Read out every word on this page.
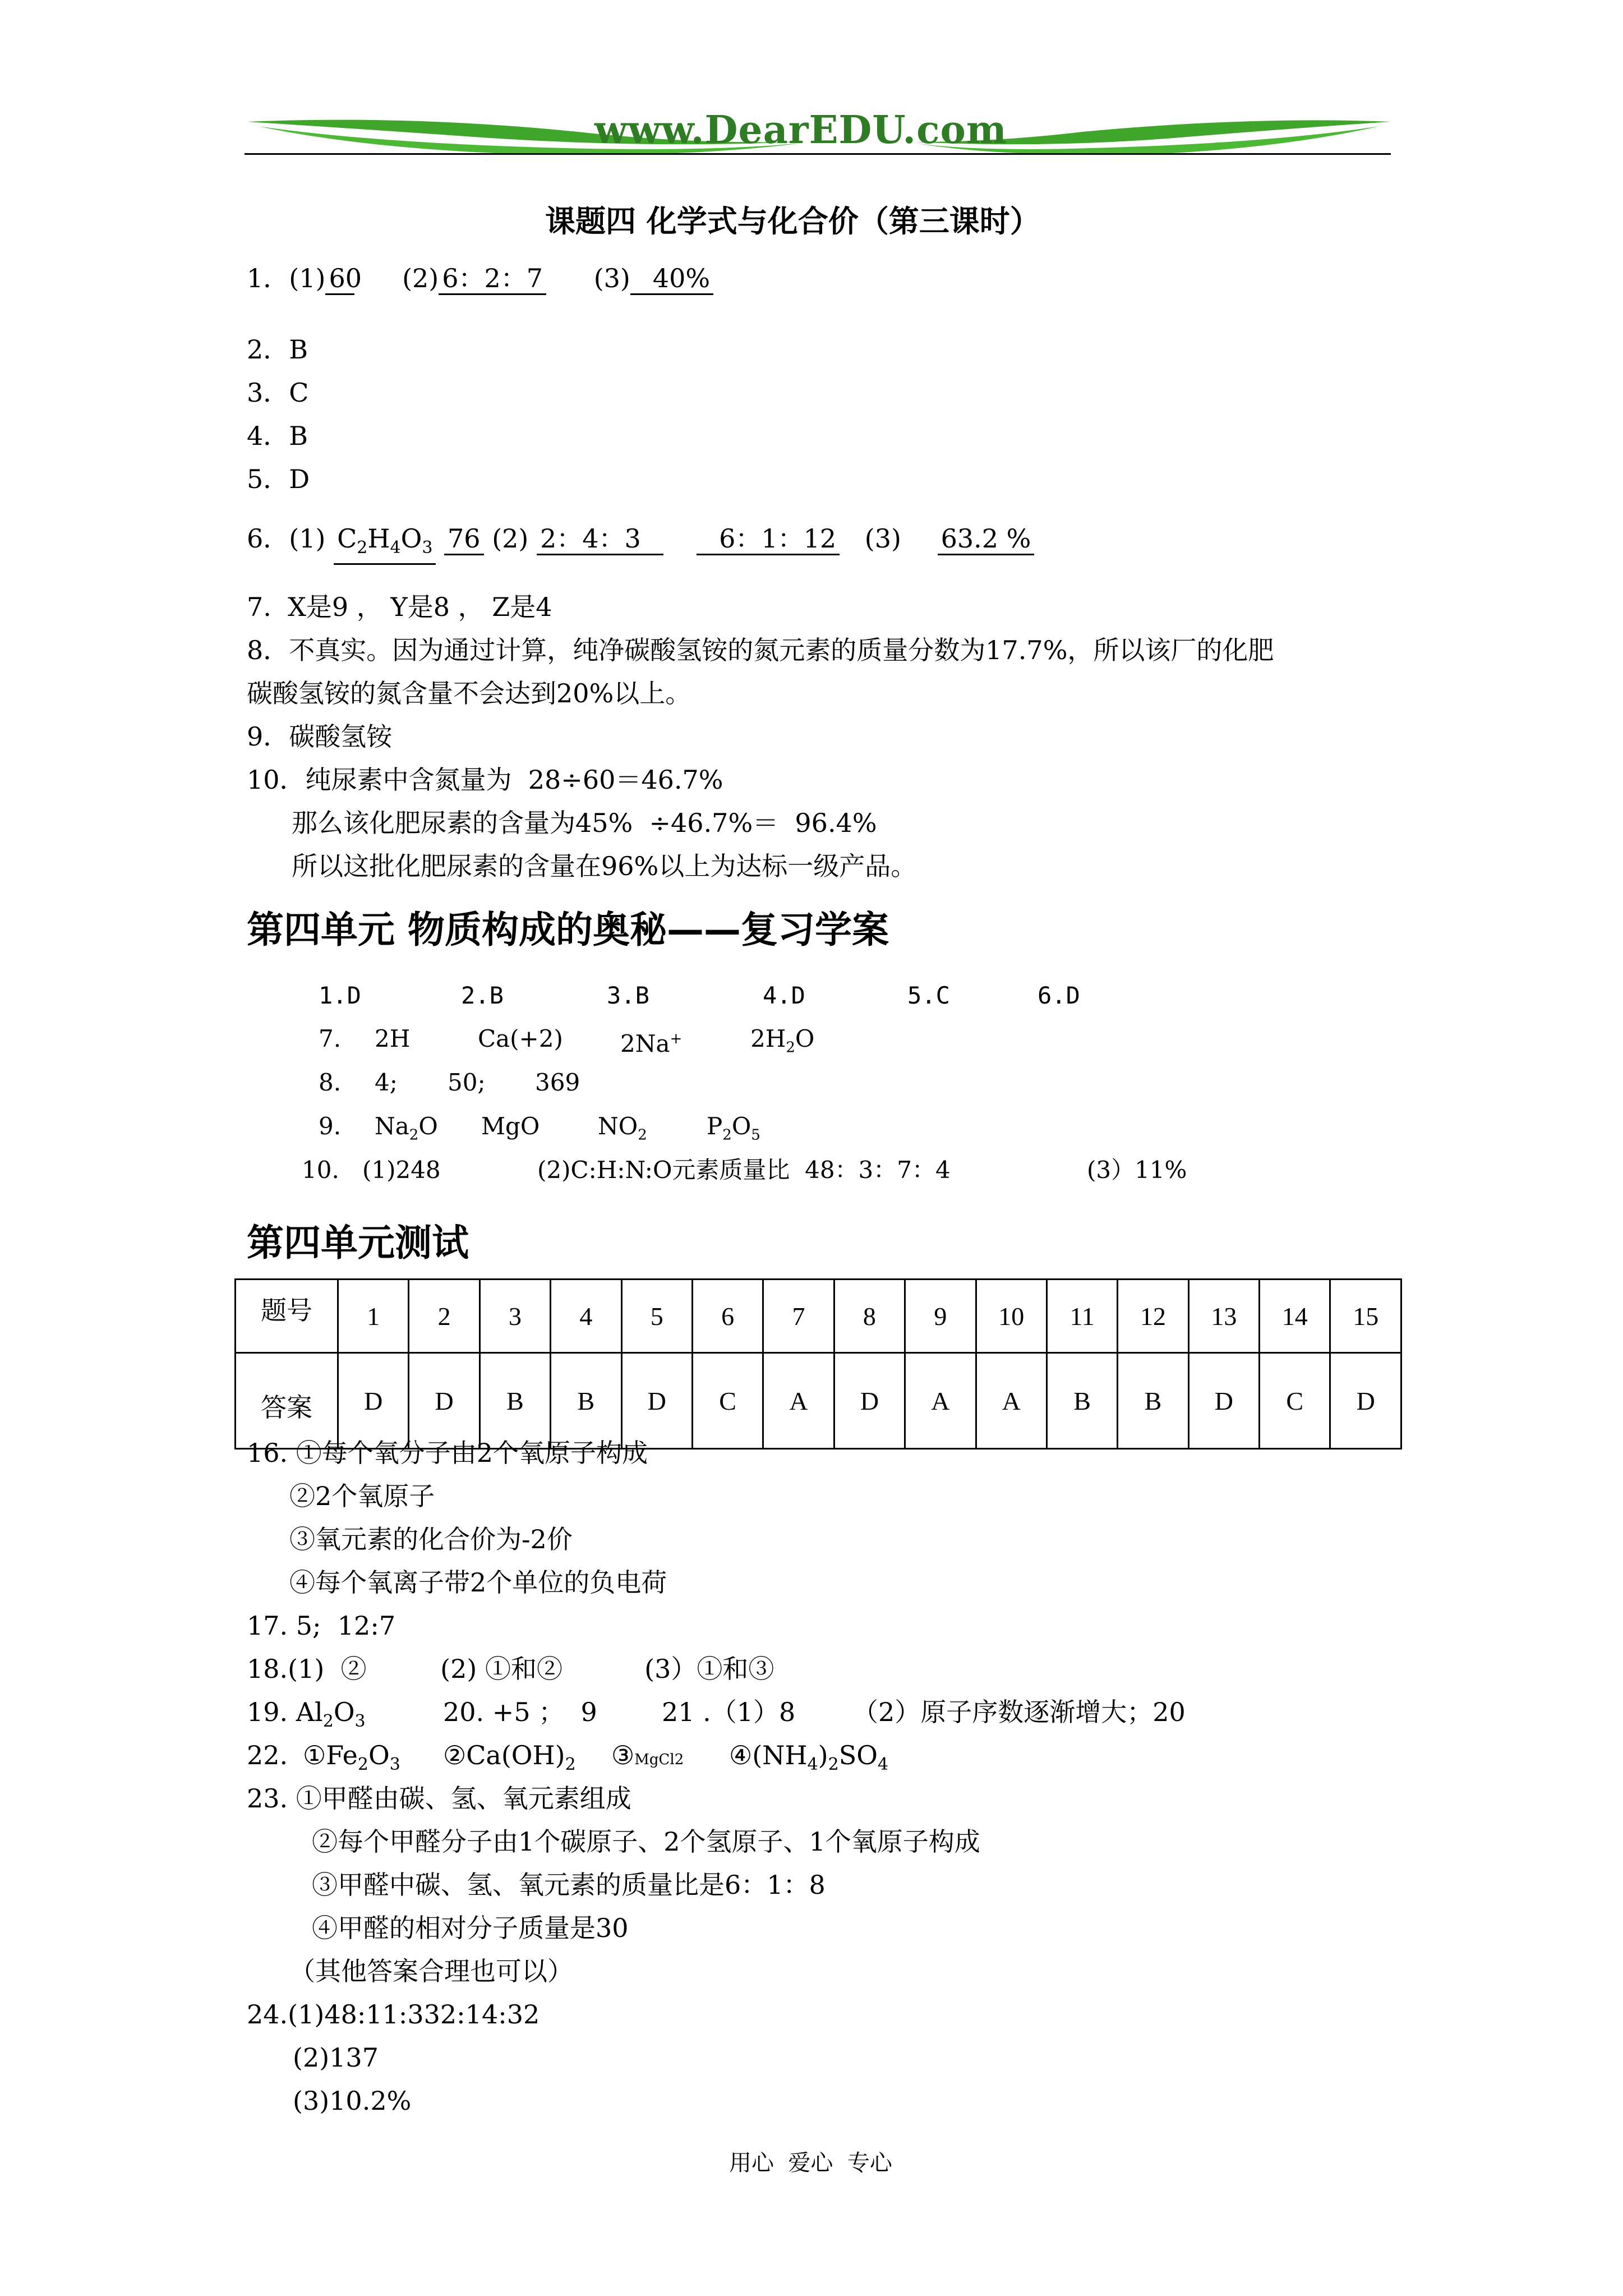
www.DearEDU.com
课题四 化学式与化合价（第三课时）
1．(1) 60 (2) 6：2：7 (3) 40%
2．B
3．C
4．B
5．D
6．(1) $C_2H_4O_3$ 76 (2) 2：4：3	6：1：12 (3) 63.2 %
7.  X是9 ， Y是8 ， Z是4
8．不真实。因为通过计算，纯净碳酸氢铵的氮元素的质量分数为17.7%，所以该厂的化肥
碳酸氢铵的氮含量不会达到20%以上。
9．碳酸氢铵
10．纯尿素中含氮量为  28÷60＝46.7%
那么该化肥尿素的含量为45%  ÷46.7%＝  96.4%
所以这批化肥尿素的含量在96%以上为达标一级产品。
第四单元 物质构成的奥秘——复习学案
1.D	2.B	3.B	4.D	5.C	6.D
7. 2H	Ca(+2) 2Na+	$2H_2O$
8. 4; 50; 369
9. $Na_2O$ MgO $NO_2$	$P_2O_5$
10. (1)248	(2)C:H:N:O元素质量比  48：3：7：4	(3）11%
第四单元测试
题号	1	2	3	4	5	6	7	8	9	10	11	12	13	14	15
答案	D	D	B	B	D	C	A	D	A	A	B	B	D	C	D
16. ①每个氧分子由2个氧原子构成
②2个氧原子
③氧元素的化合价为-2价
④每个氧离子带2个单位的负电荷
17. 5;  12:7
18.(1)  ②         (2) ①和②          (3）①和③
19. $Al_2O_3$	20. +5 ；  9	21 .（1）8 （2）原子序数逐渐增大；20
22. $①Fe_2O_3$ $②Ca(OH)_2$ ③MgCl2 $④(NH_4)_2SO_4$
23. ①甲醛由碳、氢、氧元素组成
②每个甲醛分子由1个碳原子、2个氢原子、1个氧原子构成
③甲醛中碳、氢、氧元素的质量比是6：1：8
④甲醛的相对分子质量是30
（其他答案合理也可以）
24.(1)48:11:332:14:32
(2)137
(3)10.2%
用心  爱心  专心
